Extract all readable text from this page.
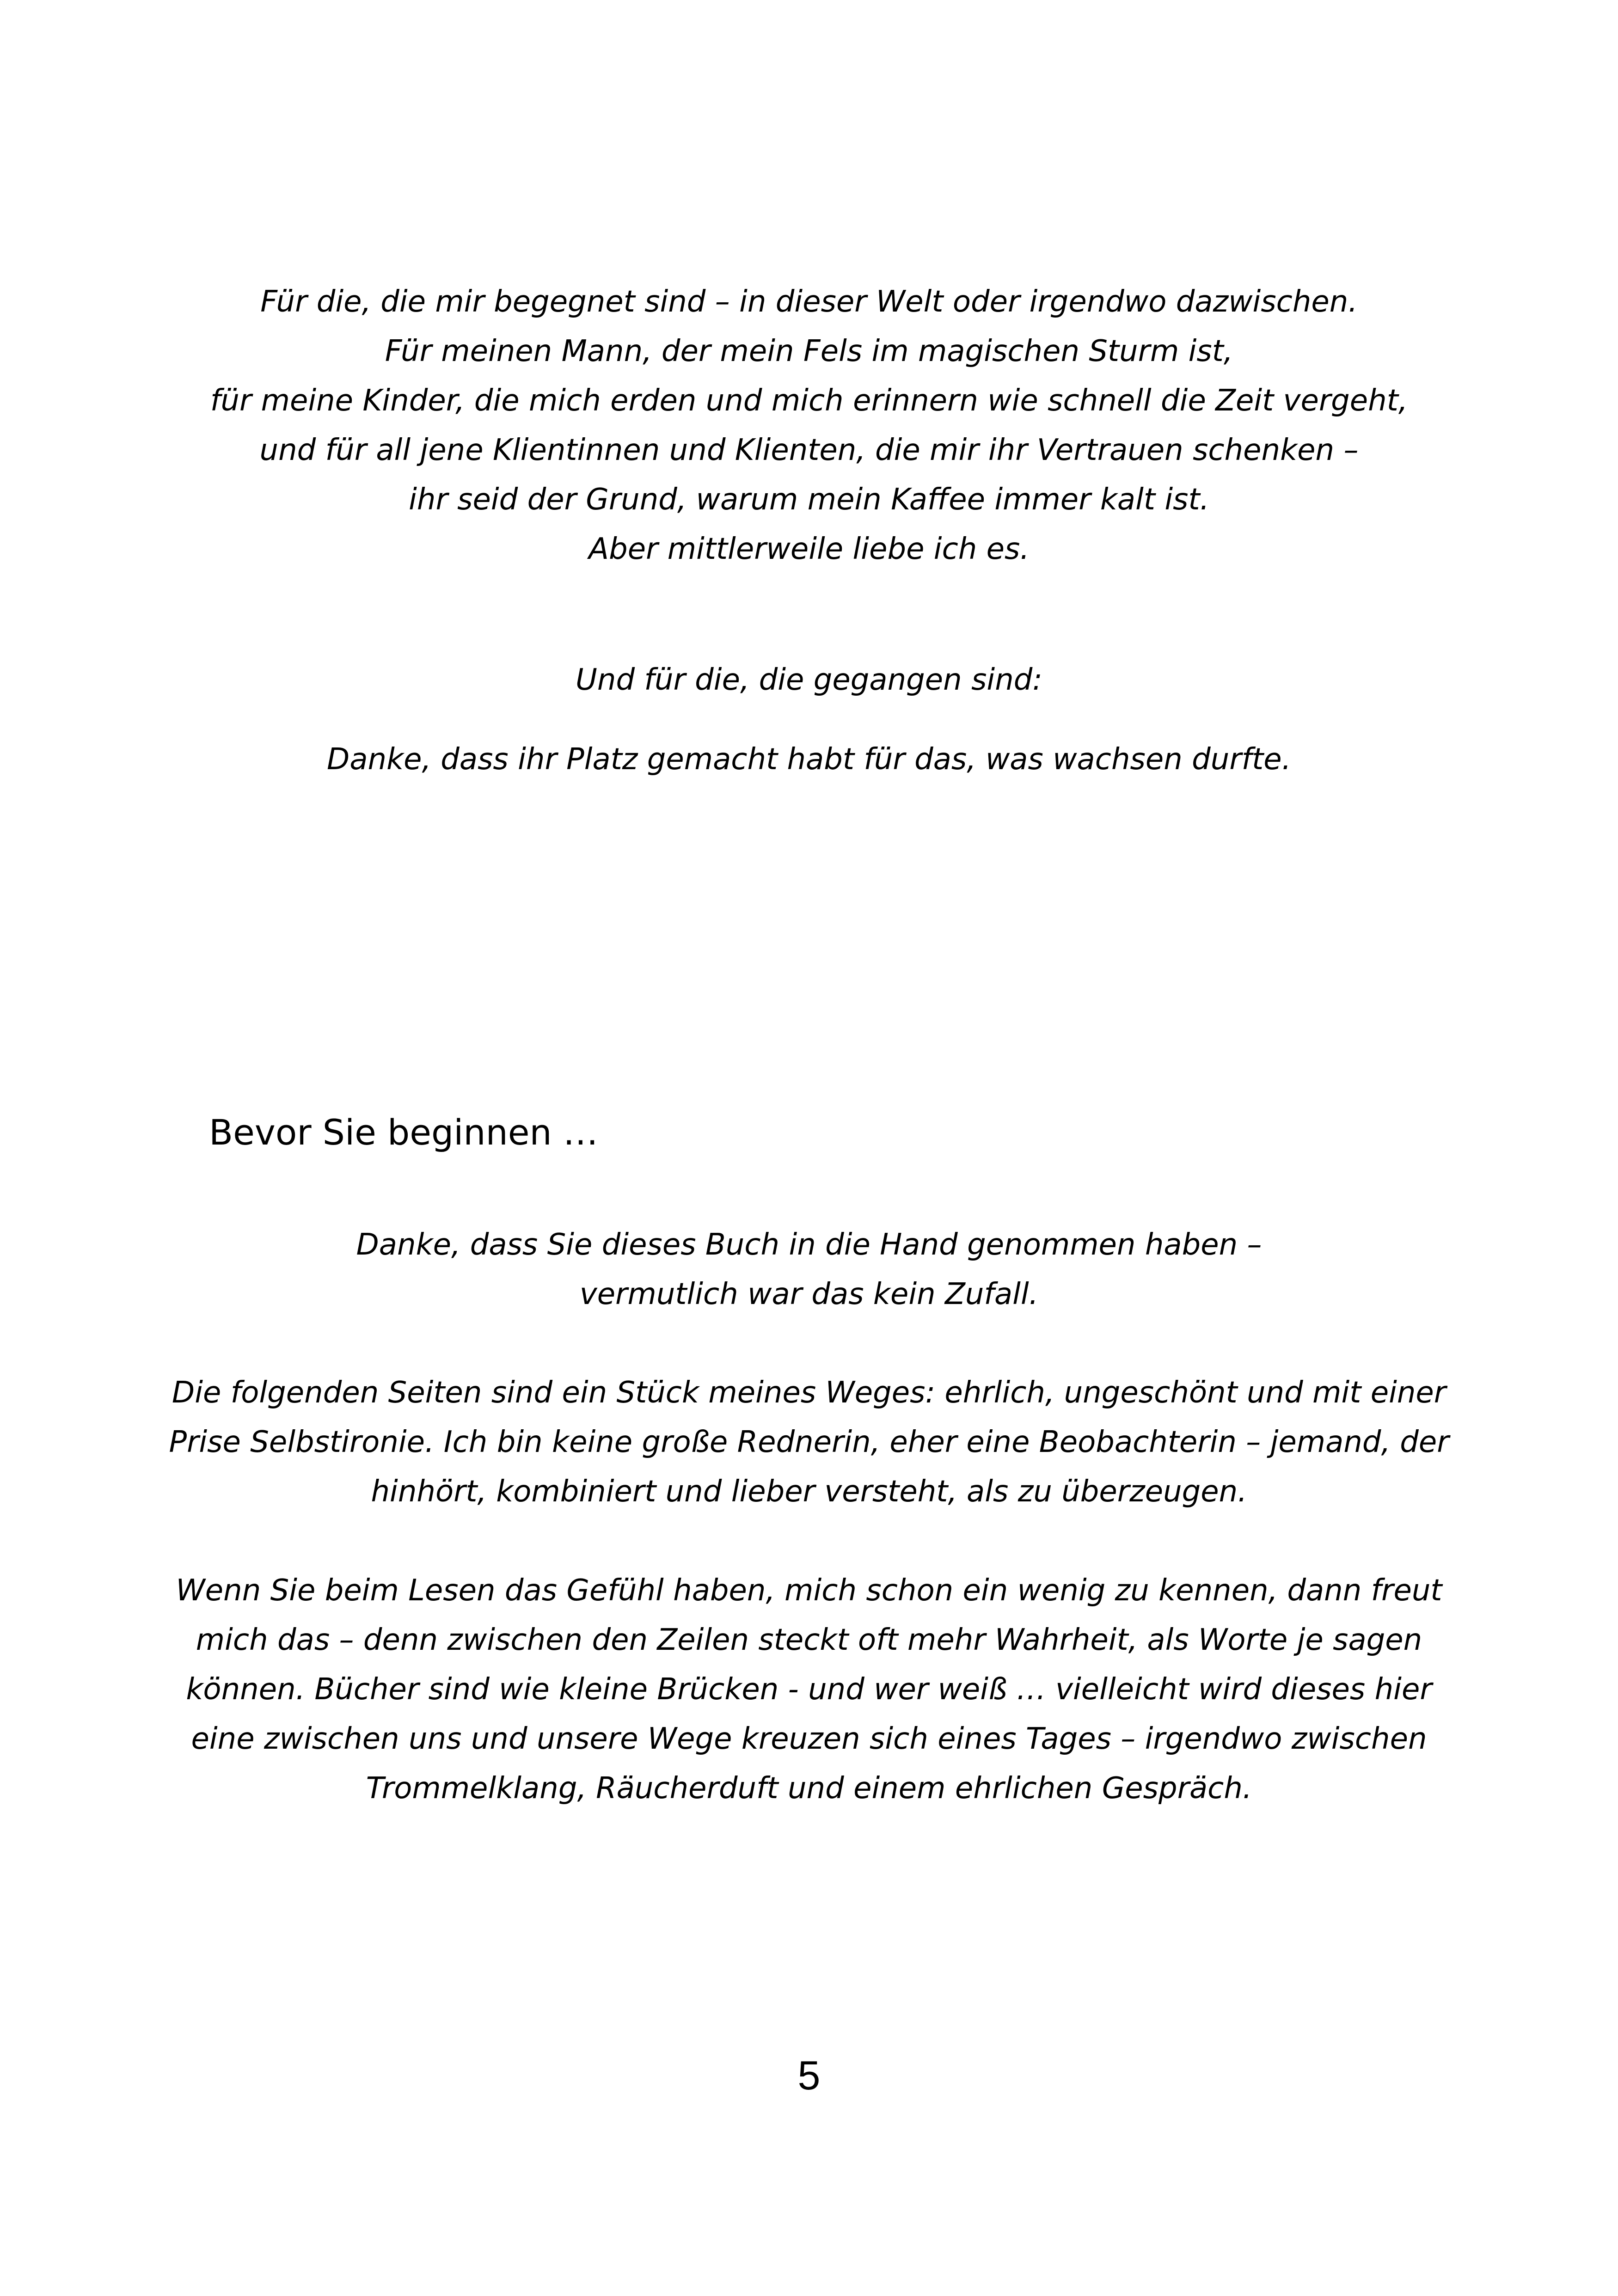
Für die, die mir begegnet sind – in dieser Welt oder irgendwo dazwischen.
Für meinen Mann, der mein Fels im magischen Sturm ist,
für meine Kinder, die mich erden und mich erinnern wie schnell die Zeit vergeht,
und für all jene Klientinnen und Klienten, die mir ihr Vertrauen schenken –
ihr seid der Grund, warum mein Kaffee immer kalt ist.
Aber mittlerweile liebe ich es.

Und für die, die gegangen sind:

Danke, dass ihr Platz gemacht habt für das, was wachsen durfte.

Bevor Sie beginnen …

Danke, dass Sie dieses Buch in die Hand genommen haben –
vermutlich war das kein Zufall.

Die folgenden Seiten sind ein Stück meines Weges: ehrlich, ungeschönt und mit einer
Prise Selbstironie. Ich bin keine große Rednerin, eher eine Beobachterin – jemand, der
hinhört, kombiniert und lieber versteht, als zu überzeugen.

Wenn Sie beim Lesen das Gefühl haben, mich schon ein wenig zu kennen, dann freut
mich das – denn zwischen den Zeilen steckt oft mehr Wahrheit, als Worte je sagen
können. Bücher sind wie kleine Brücken - und wer weiß … vielleicht wird dieses hier
eine zwischen uns und unsere Wege kreuzen sich eines Tages – irgendwo zwischen
Trommelklang, Räucherduft und einem ehrlichen Gespräch.

5
